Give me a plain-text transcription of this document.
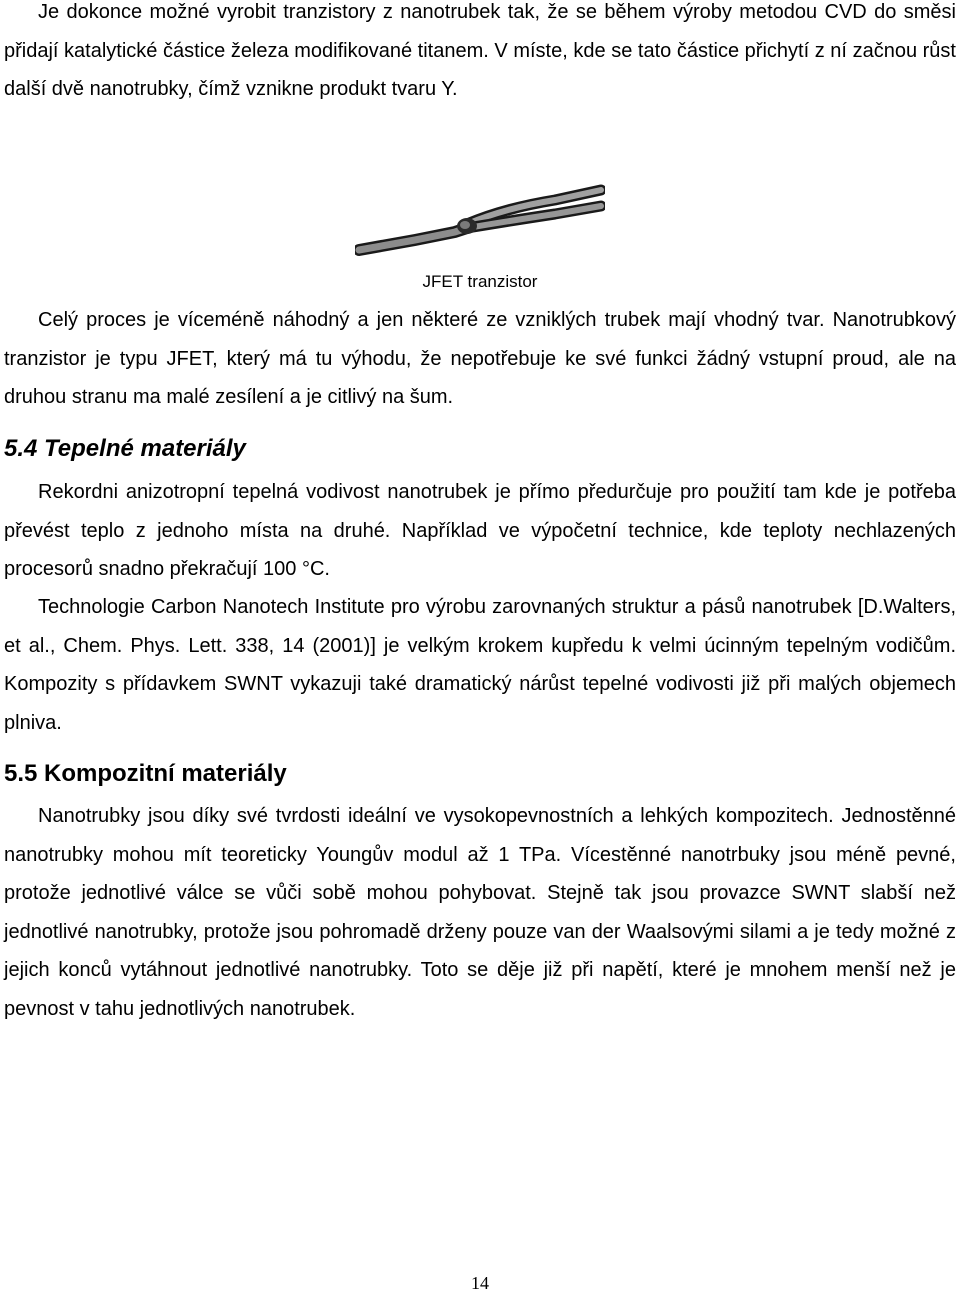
Je dokonce možné vyrobit tranzistory z nanotrubek tak, že se během výroby metodou CVD do směsi přidají katalytické částice železa modifikované titanem. V míste, kde se tato částice přichytí z ní začnou růst další dvě nanotrubky, čímž vznikne produkt tvaru Y.

JFET tranzistor

Celý proces je víceméně náhodný a jen některé ze vzniklých trubek mají vhodný tvar. Nanotrubkový tranzistor je typu JFET, který má tu výhodu, že nepotřebuje ke své funkci žádný vstupní proud, ale na druhou stranu ma malé zesílení a je citlivý na šum.

5.4 Tepelné materiály

Rekordni anizotropní tepelná vodivost nanotrubek je přímo předurčuje pro použití tam kde je potřeba převést teplo z jednoho místa na druhé. Například ve výpočetní technice, kde teploty nechlazených procesorů snadno překračují 100 °C.

Technologie Carbon Nanotech Institute pro výrobu zarovnaných struktur a pásů nanotrubek [D.Walters, et al., Chem. Phys. Lett. 338, 14 (2001)] je velkým krokem kupředu k velmi úcinným tepelným vodičům. Kompozity s přídavkem SWNT vykazuji také dramatický nárůst tepelné vodivosti již při malých objemech plniva.

5.5 Kompozitní materiály

Nanotrubky jsou díky své tvrdosti ideální ve vysokopevnostních a lehkých kompozitech. Jednostěnné nanotrubky mohou mít teoreticky Youngův modul až 1 TPa. Vícestěnné nanotrbuky jsou méně pevné, protože jednotlivé válce se vůči sobě mohou pohybovat. Stejně tak jsou provazce SWNT slabší než jednotlivé nanotrubky, protože jsou pohromadě drženy pouze van der Waalsovými silami a je tedy možné z jejich konců vytáhnout jednotlivé nanotrubky. Toto se děje již při napětí, které je mnohem menší než je pevnost v tahu jednotlivých nanotrubek.

14
